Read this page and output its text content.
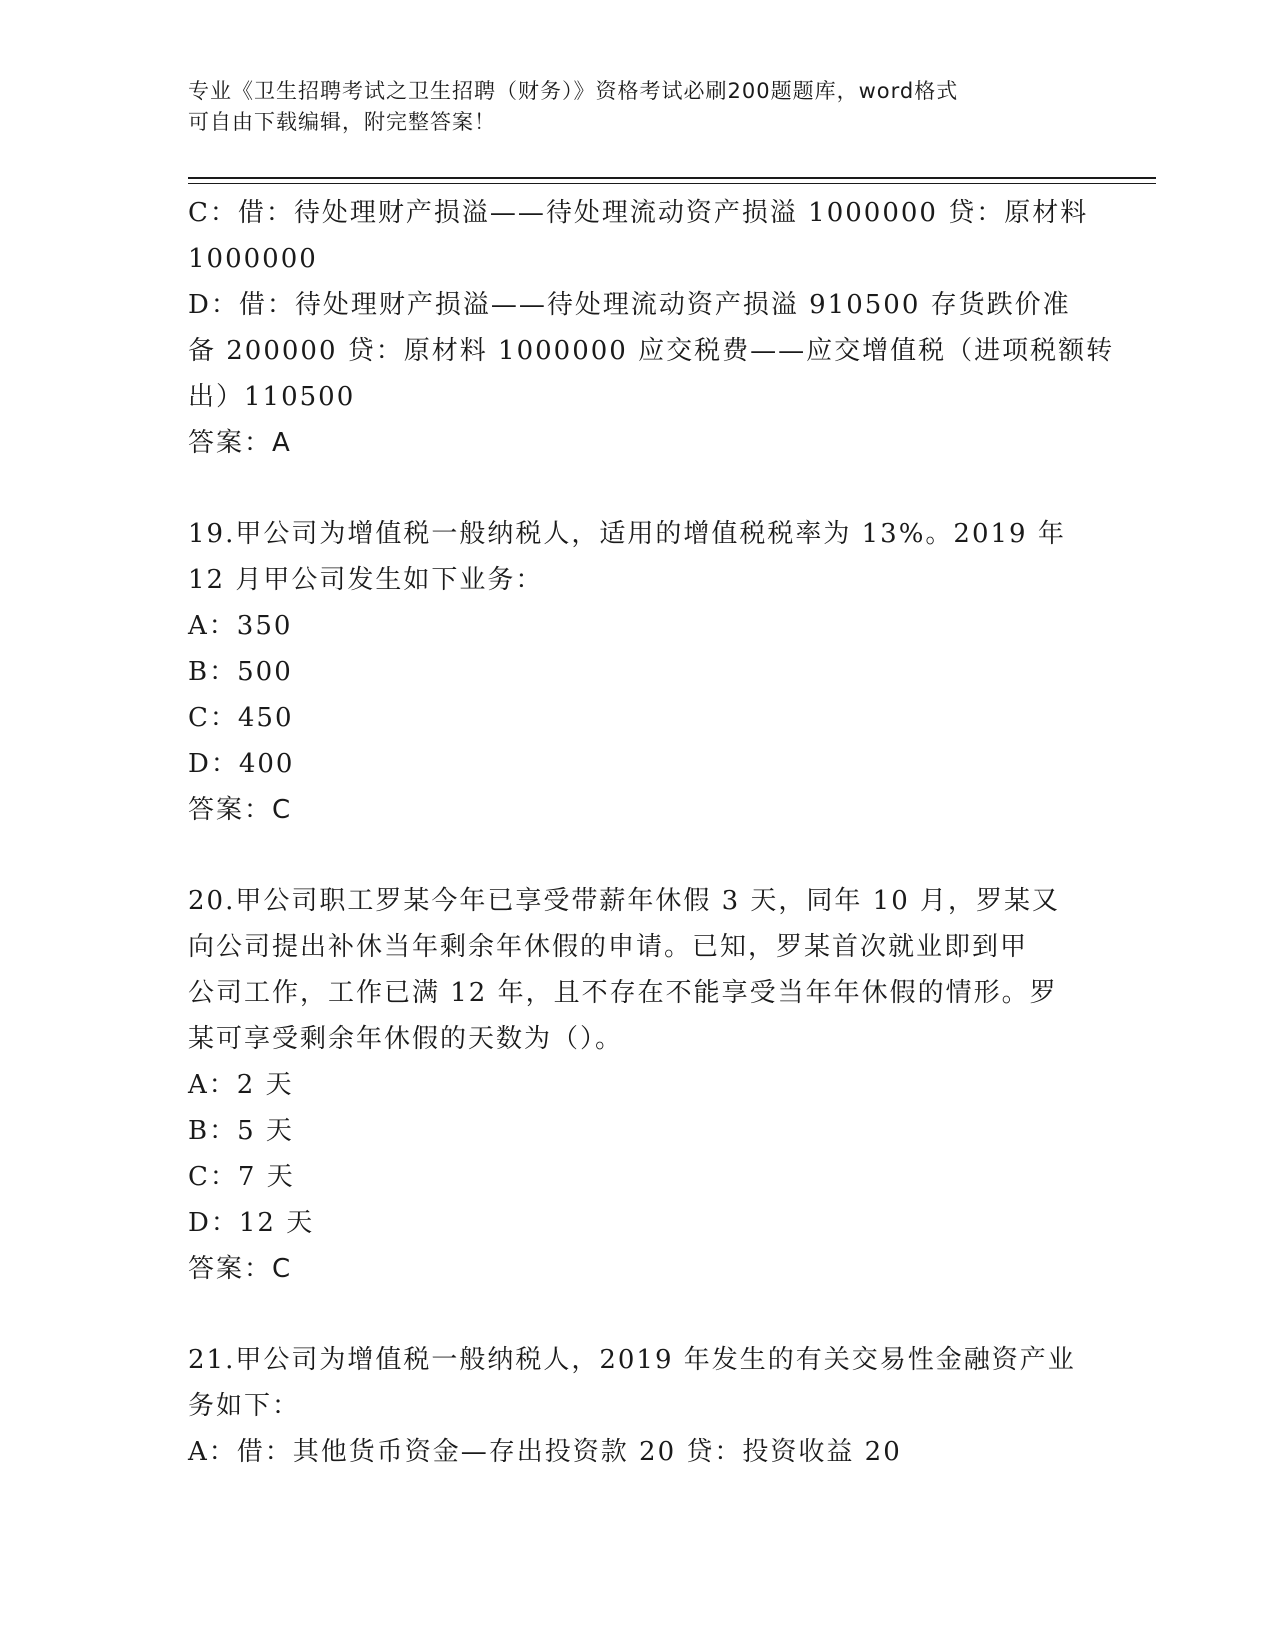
专业《卫生招聘考试之卫生招聘（财务）》资格考试必刷200题题库，word格式
可自由下载编辑，附完整答案！
C：借：待处理财产损溢——待处理流动资产损溢 1000000 贷：原材料
1000000
D：借：待处理财产损溢——待处理流动资产损溢 910500 存货跌价准
备 200000 贷：原材料 1000000 应交税费——应交增值税（进项税额转
出）110500
答案：A
19.甲公司为增值税一般纳税人，适用的增值税税率为 13%。2019 年
12 月甲公司发生如下业务：
A：350
B：500
C：450
D：400
答案：C
20.甲公司职工罗某今年已享受带薪年休假 3 天，同年 10 月，罗某又
向公司提出补休当年剩余年休假的申请。已知，罗某首次就业即到甲
公司工作，工作已满 12 年，且不存在不能享受当年年休假的情形。罗
某可享受剩余年休假的天数为（）。
A：2 天
B：5 天
C：7 天
D：12 天
答案：C
21.甲公司为增值税一般纳税人，2019 年发生的有关交易性金融资产业
务如下：
A：借：其他货币资金—存出投资款 20 贷：投资收益 20
